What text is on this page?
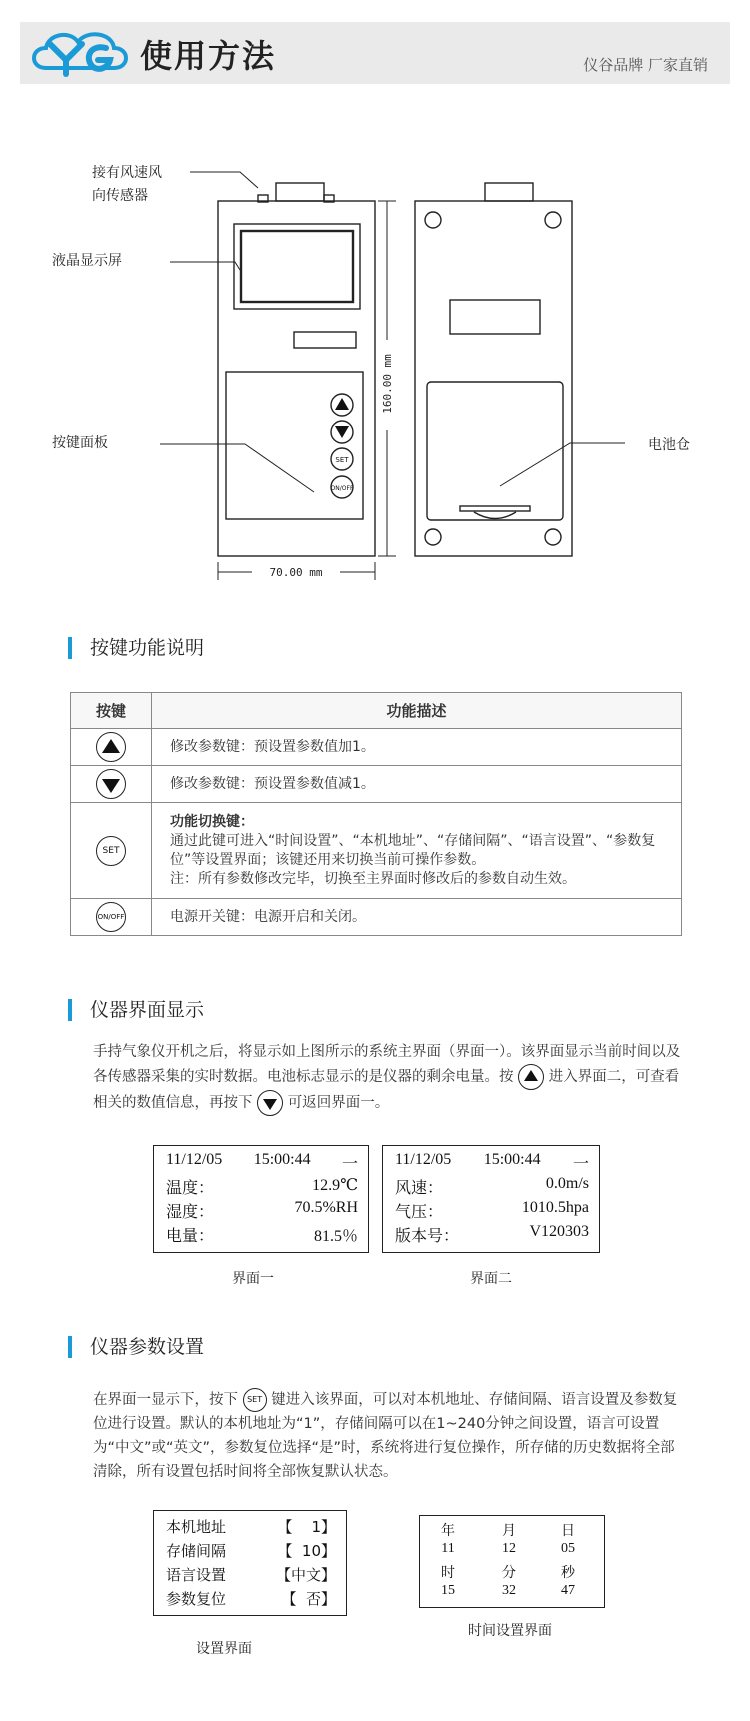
使用方法	仪谷品牌 厂家直销
SET
ON/OFF
70.00 mm
160.00 mm
接有风速风
向传感器
液晶显示屏
按键面板	电池仓
按键功能说明
按键	功能描述

	修改参数键：预设置参数值加1。

	修改参数键：预设置参数值减1。
SET	功能切换键：
通过此键可进入“时间设置”、“本机地址”、“存储间隔”、“语言设置”、“参数复位”等设置界面；该键还用来切换当前可操作参数。
注：所有参数修改完毕，切换至主界面时修改后的参数自动生效。

ON/OFF	电源开关键：电源开启和关闭。
仪器界面显示
手持气象仪开机之后，将显示如上图所示的系统主界面（界面一）。该界面显示当前时间以及各传感器采集的实时数据。电池标志显示的是仪器的剩余电量。按 进入界面二，可查看相关的数值信息，再按下 可返回界面一。
11/12/05 15:00:44 一
温度：	12.9℃
湿度：	70.5%RH
电量：	81.5％
界面一
11/12/05 15:00:44 一
风速：	0.0m/s
气压：	1010.5hpa
版本号：	V120303
界面二
仪器参数设置
在界面一显示下，按下 SET 键进入该界面，可以对本机地址、存储间隔、语言设置及参数复位进行设置。默认的本机地址为“1”，存储间隔可以在1~240分钟之间设置，语言可设置为“中文”或“英文”，参数复位选择“是”时，系统将进行复位操作，所存储的历史数据将全部清除，所有设置包括时间将全部恢复默认状态。
本机地址	【    1】
存储间隔	【  10】
语言设置	【中文】
参数复位	【  否】
设置界面
年	月	日
11	12	05
时	分	秒
15	32	47
时间设置界面
